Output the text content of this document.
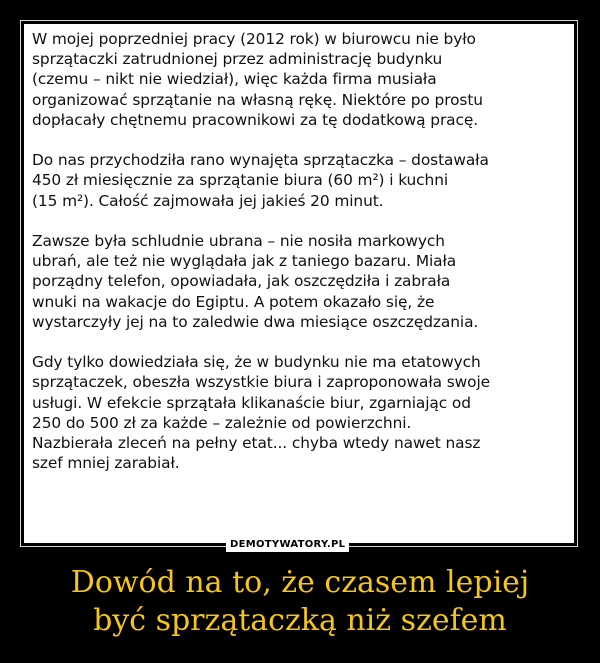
W mojej poprzedniej pracy (2012 rok) w biurowcu nie było
sprzątaczki zatrudnionej przez administrację budynku
(czemu – nikt nie wiedział), więc każda firma musiała
organizować sprzątanie na własną rękę. Niektóre po prostu
dopłacały chętnemu pracownikowi za tę dodatkową pracę.

Do nas przychodziła rano wynajęta sprzątaczka – dostawała
450 zł miesięcznie za sprzątanie biura (60 m²) i kuchni
(15 m²). Całość zajmowała jej jakieś 20 minut.

Zawsze była schludnie ubrana – nie nosiła markowych
ubrań, ale też nie wyglądała jak z taniego bazaru. Miała
porządny telefon, opowiadała, jak oszczędziła i zabrała
wnuki na wakacje do Egiptu. A potem okazało się, że
wystarczyły jej na to zaledwie dwa miesiące oszczędzania.

Gdy tylko dowiedziała się, że w budynku nie ma etatowych
sprzątaczek, obeszła wszystkie biura i zaproponowała swoje
usługi. W efekcie sprzątała klikanaście biur, zgarniając od
250 do 500 zł za każde – zależnie od powierzchni.
Nazbierała zleceń na pełny etat... chyba wtedy nawet nasz
szef mniej zarabiał.

DEMOTYWATORY.PL
Dowód na to, że czasem lepiej
być sprzątaczką niż szefem
